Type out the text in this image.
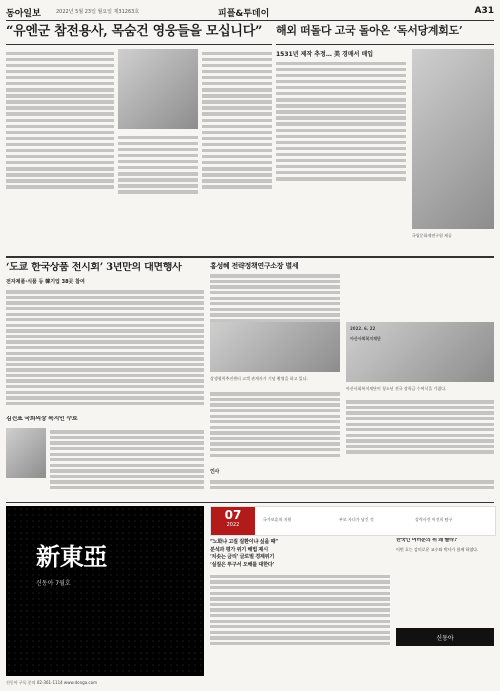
동아일보	2022년 5월 23일 월요일 제31263호	피플&투데이	A31
“유엔군 참전용사, 목숨건 영웅들을 모십니다”	해외 떠돌다 고국 돌아온 ‘독서당계회도’
1531년 제작 추정… 美 경매서 매입
국립문화재연구원 제공
‘도쿄 한국상품 전시회’ 3년만의 대면행사
전자제품·식품 등 韓기업 38곳 참여
김진표 국회의장 복지인 수료
홍성혜 전략정책연구소장 별세
상생협력추진센터 고객 관계자가 기념 촬영을 하고 있다.
2022. 6. 22
아산사회복지재단
아산사회복지재단이 청소년 전국 장학금 수여식을 가졌다.
인사
07
2022
국가보훈처 지원	부모 자녀가 남긴 것	강력사건 이건희 탐구
新東亞
신동아 7월호
“노화냐 고질 질환이냐 싶을 때”
분석과 평가 위기 해법 제시
‘치솟는 금리’ 글로벌 경제위기
‘실질은 투구서 오해를 대한다’
한국인 여러분의 위 왜 빨라?
이번 호는 감미로운 교수와 박사가 함께 하였다.
신동아
신동아 구독 문의 02-361-1114 www.donga.com
